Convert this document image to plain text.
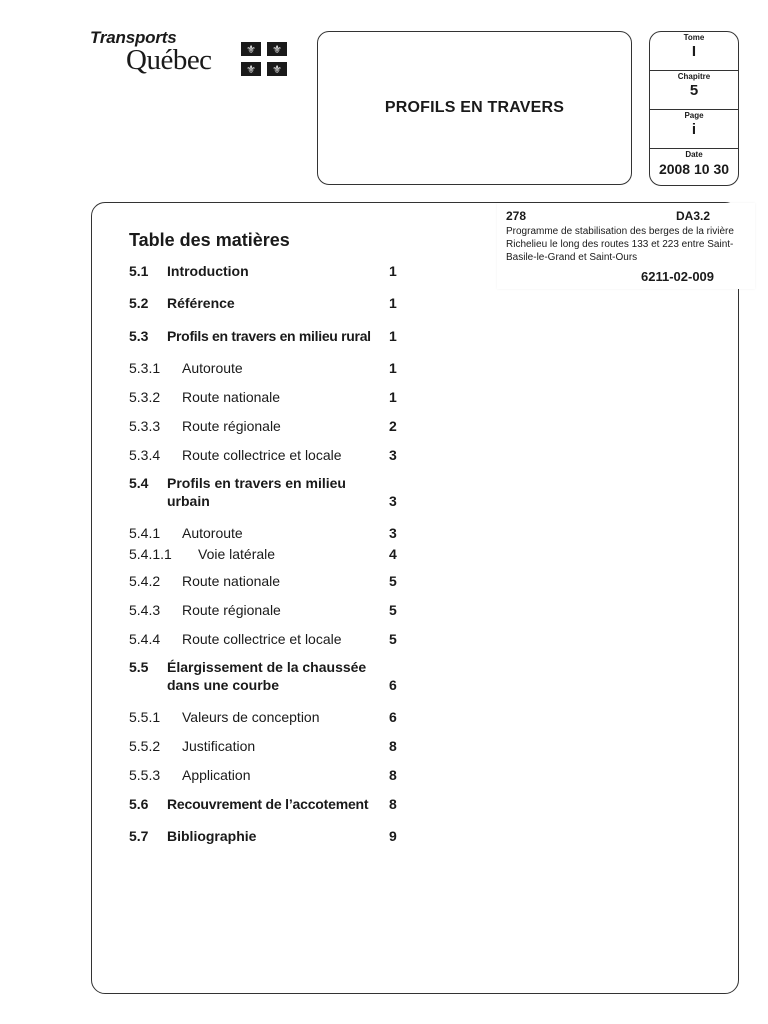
Transports
Québec	⚜ ⚜
⚜ ⚜
PROFILS EN TRAVERS
Tome
I
Chapitre
5
Page
i
Date
2008 10 30
Table des matières
5.1 Introduction	1
5.2 Référence	1
5.3 Profils en travers en milieu rural 1
5.3.1 Autoroute	1
5.3.2 Route nationale	1
5.3.3 Route régionale	2
5.3.4 Route collectrice et locale	3
5.4 Profils en travers en milieu
urbain	3
5.4.1 Autoroute	3
5.4.1.1 Voie latérale	4
5.4.2 Route nationale	5
5.4.3 Route régionale	5
5.4.4 Route collectrice et locale	5
5.5 Élargissement de la chaussée
dans une courbe	6
5.5.1 Valeurs de conception	6
5.5.2 Justification	8
5.5.3 Application	8
5.6 Recouvrement de l’accotement 8
5.7 Bibliographie	9
278	DA3.2
Programme de stabilisation des berges de la rivière Richelieu le long des routes 133 et 223 entre Saint-Basile-le-Grand et Saint-Ours
6211-02-009
